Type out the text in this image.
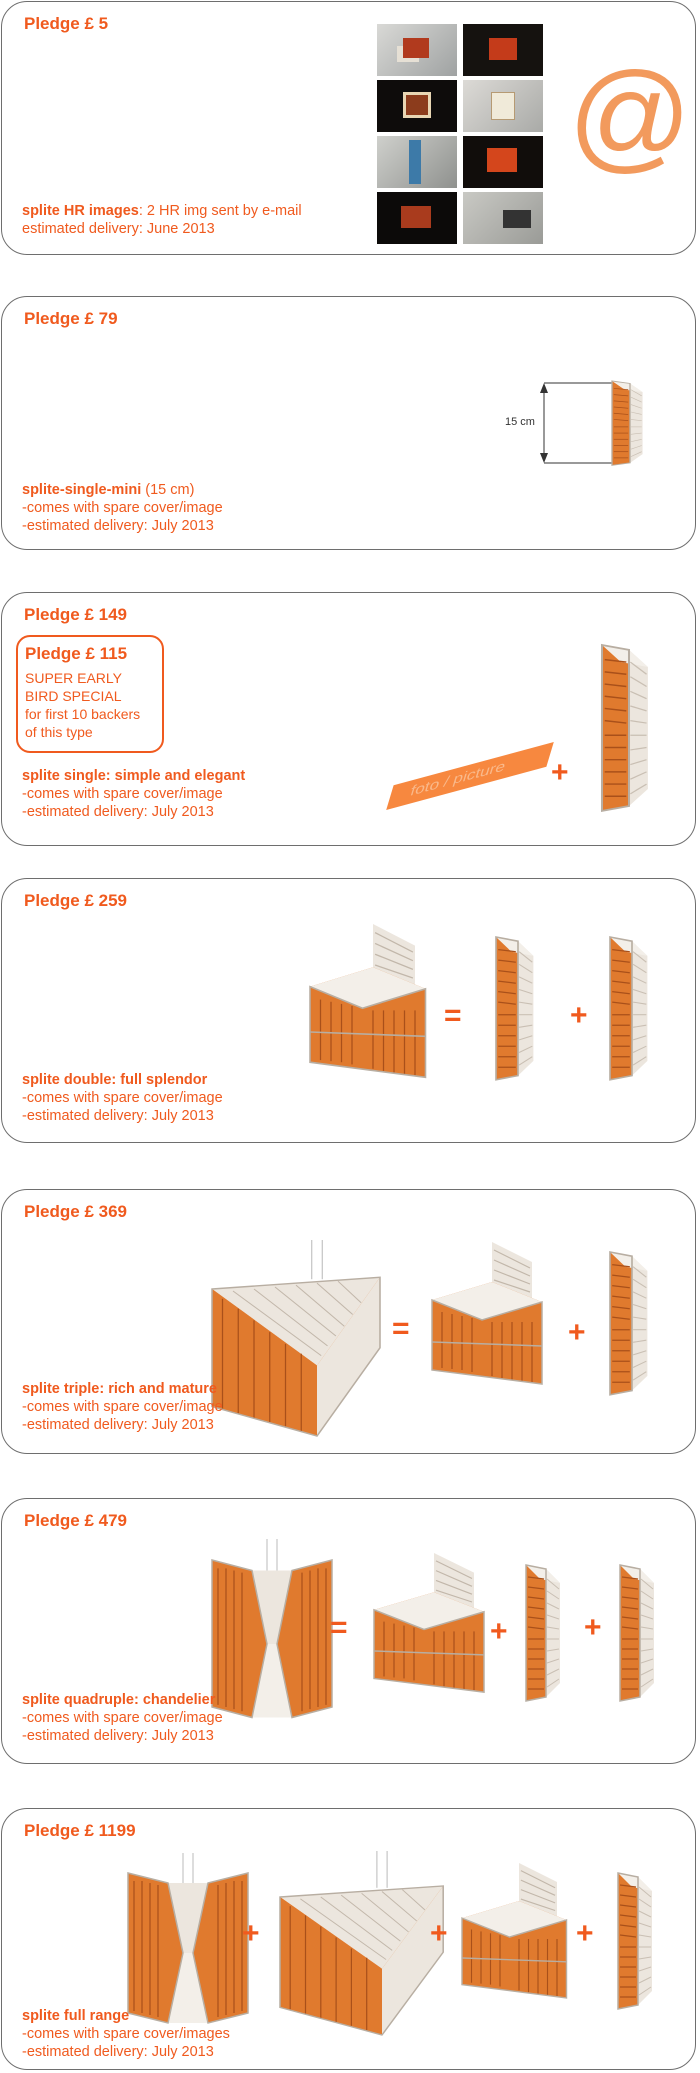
Pledge £ 5
@
splite HR images: 2 HR img sent by e-mail
estimated delivery: June 2013
Pledge £ 79
15 cm
splite-single-mini (15 cm)
-comes with spare cover/image
-estimated delivery: July 2013
Pledge £ 149
Pledge £ 115
SUPER EARLY
BIRD SPECIAL
for first 10 backers
of this type
foto / picture +
splite single: simple and elegant
-comes with spare cover/image
-estimated delivery: July 2013
Pledge £ 259
=	+
splite double: full splendor
-comes with spare cover/image
-estimated delivery: July 2013
Pledge £ 369
=	+
splite triple: rich and mature
-comes with spare cover/image
-estimated delivery: July 2013
Pledge £ 479
=	+	+
splite quadruple: chandelier
-comes with spare cover/image
-estimated delivery: July 2013
Pledge £ 1199
+	+	+
splite full range
-comes with spare cover/images
-estimated delivery: July 2013
